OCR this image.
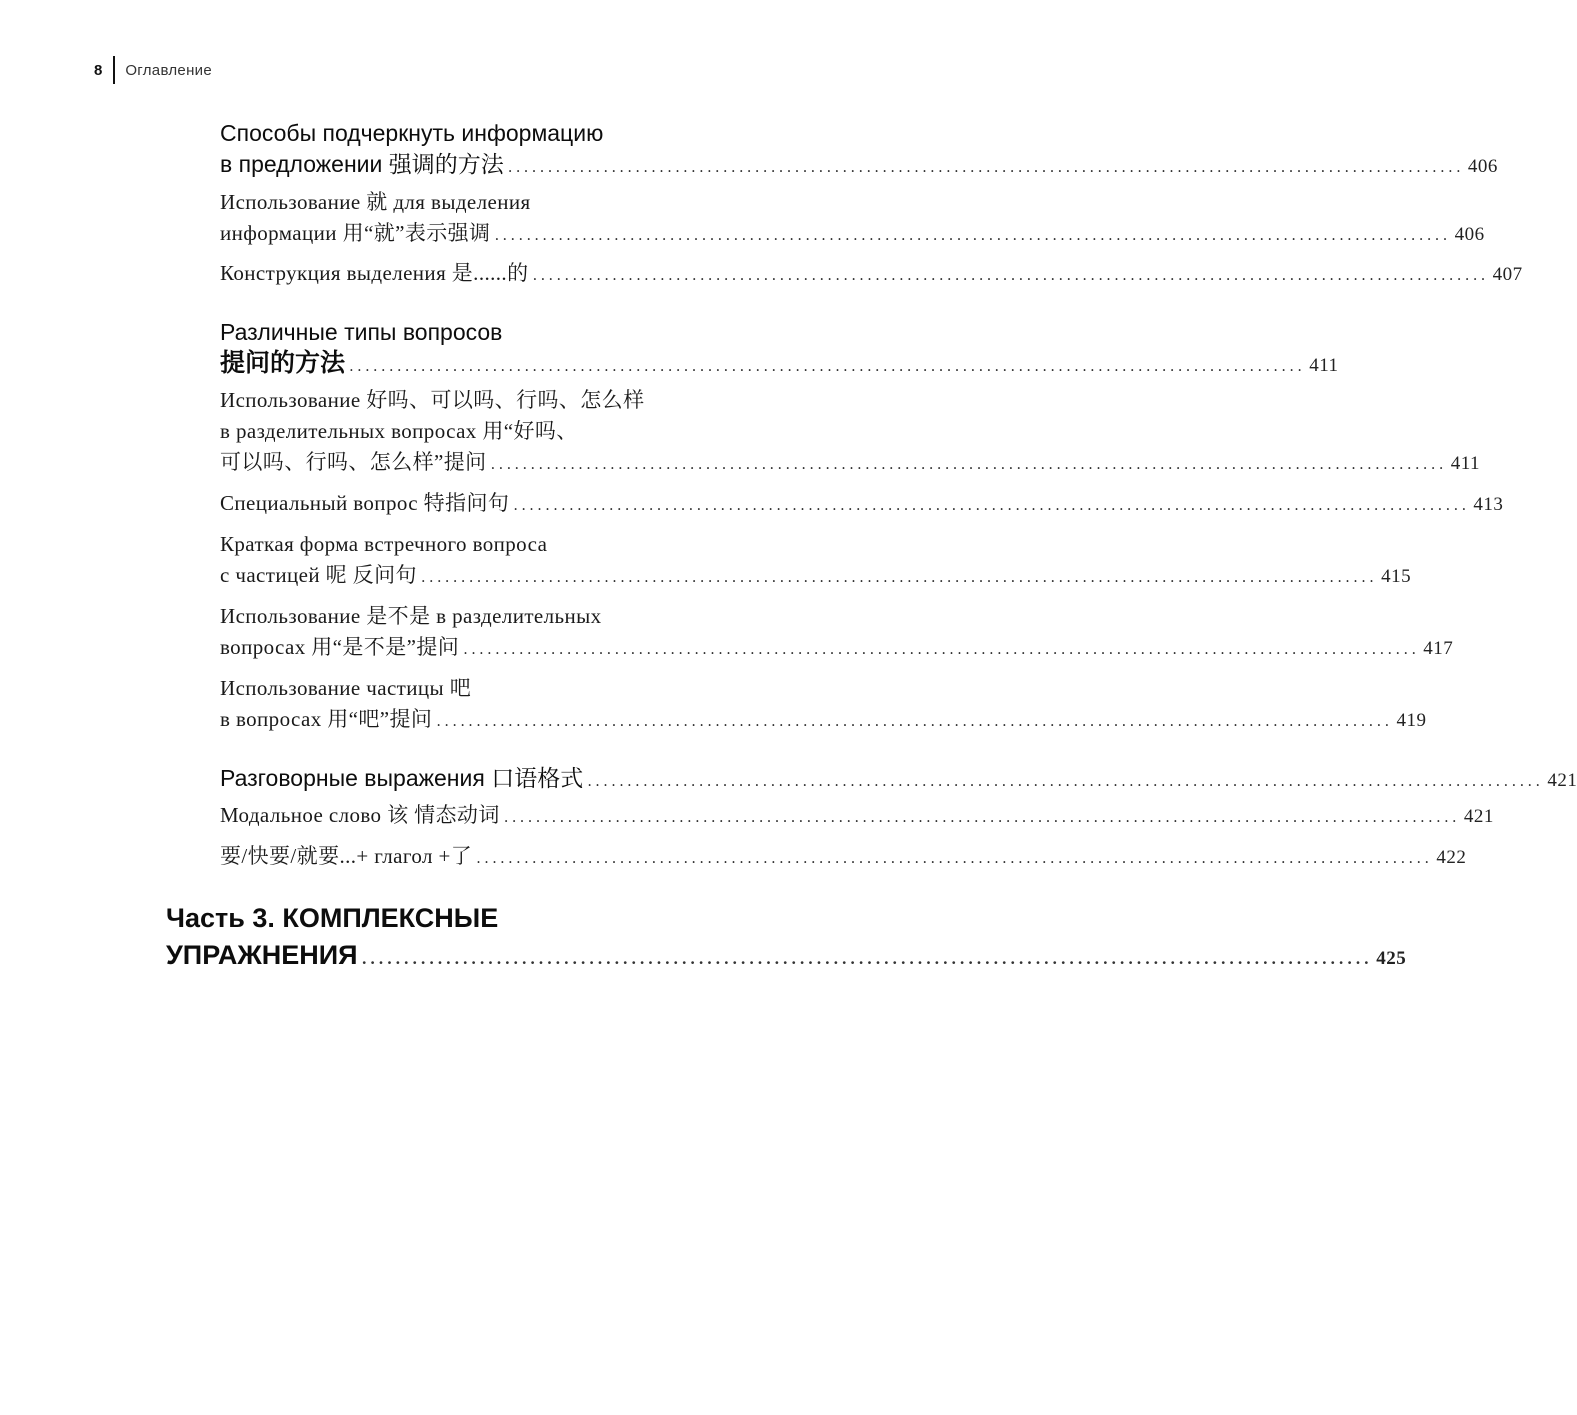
8 Оглавление
Способы подчеркнуть информацию
в предложении 强调的方法 ........................................................................................................................ 406
Использование 就 для выделения
информации 用“就”表示强调 ........................................................................................................................ 406
Конструкция выделения 是......的 ........................................................................................................................ 407
Различные типы вопросов
提问的方法 ........................................................................................................................ 411
Использование 好吗、可以吗、行吗、怎么样
в разделительных вопросах 用“好吗、
可以吗、行吗、怎么样”提问 ........................................................................................................................ 411
Специальный вопрос 特指问句 ........................................................................................................................ 413
Краткая форма встречного вопроса
с частицей 呢 反问句 ........................................................................................................................ 415
Использование 是不是 в разделительных
вопросах 用“是不是”提问 ........................................................................................................................ 417
Использование частицы 吧
в вопросах 用“吧”提问 ........................................................................................................................ 419
Разговорные выражения 口语格式 ........................................................................................................................ 421
Модальное слово 该 情态动词 ........................................................................................................................ 421
要/快要/就要...+ глагол +了 ........................................................................................................................ 422
Часть 3. КОМПЛЕКСНЫЕ
УПРАЖНЕНИЯ ........................................................................................................................ 425
